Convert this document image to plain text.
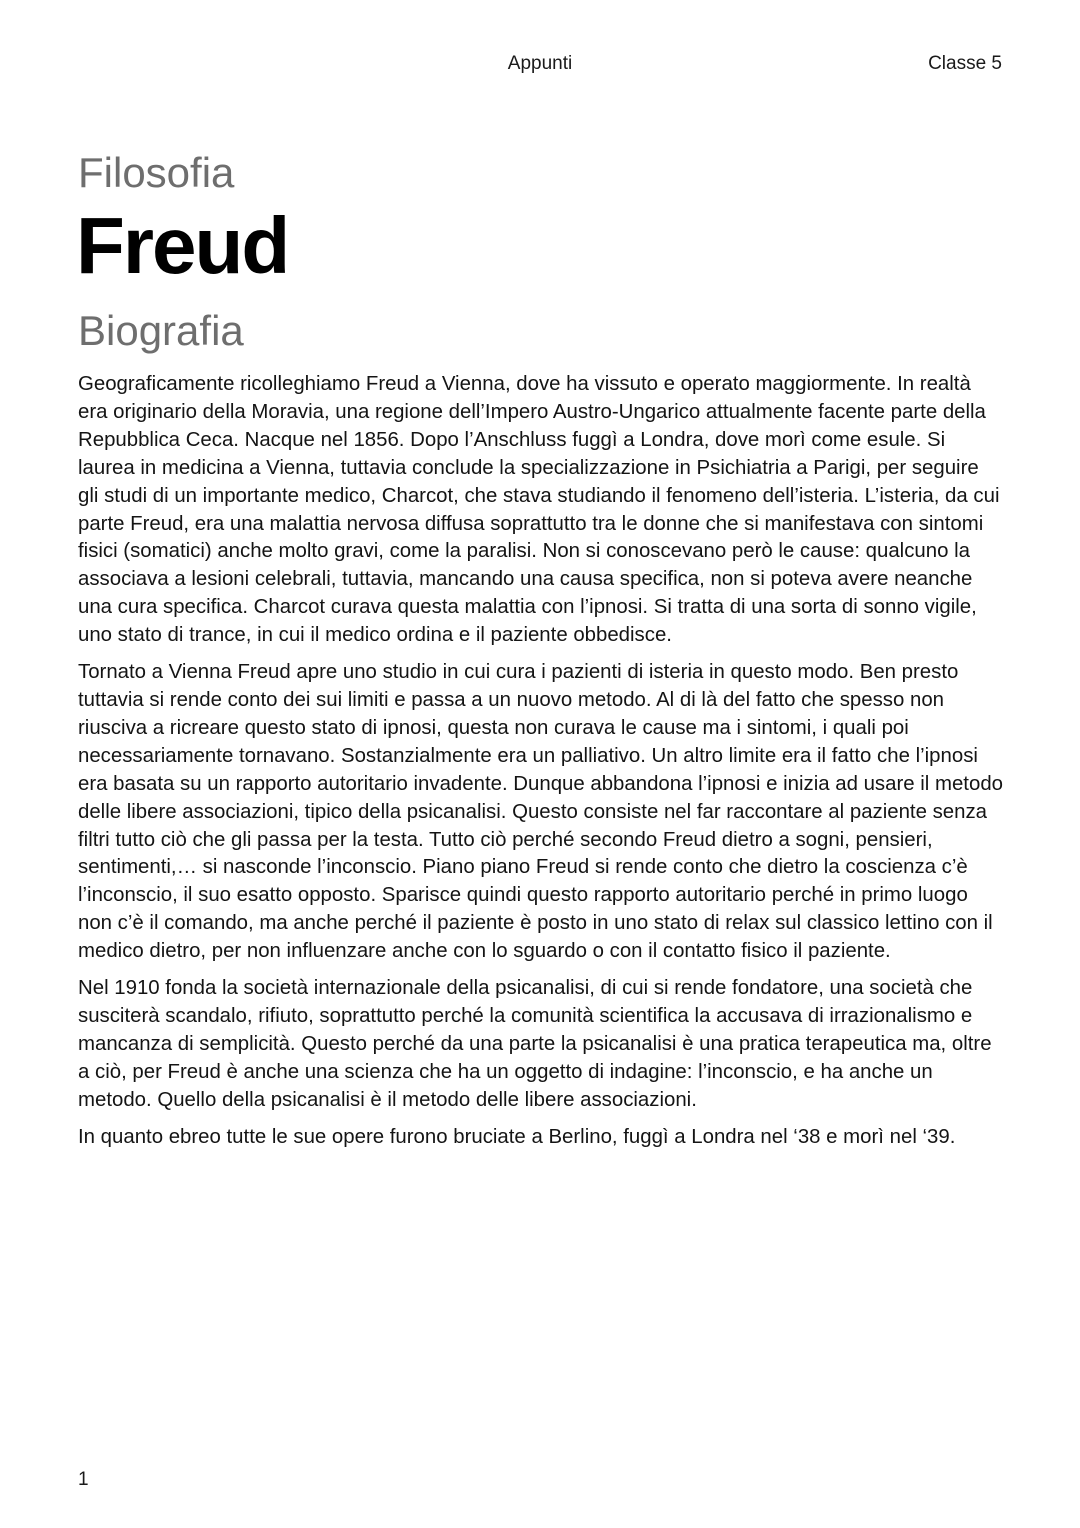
Appunti	Classe 5
Filosofia
Freud
Biografia

Geograficamente ricolleghiamo Freud a Vienna, dove ha vissuto e operato maggiormente. In realtà era originario della Moravia, una regione dell’Impero Austro-Ungarico attualmente facente parte della Repubblica Ceca. Nacque nel 1856. Dopo l’Anschluss fuggì a Londra, dove morì come esule. Si laurea in medicina a Vienna, tuttavia conclude la specializzazione in Psichiatria a Parigi, per seguire gli studi di un importante medico, Charcot, che stava studiando il fenomeno dell’isteria. L’isteria, da cui parte Freud, era una malattia nervosa diffusa soprattutto tra le donne che si manifestava con sintomi fisici (somatici) anche molto gravi, come la paralisi. Non si conoscevano però le cause: qualcuno la associava a lesioni celebrali, tuttavia, mancando una causa specifica, non si poteva avere neanche una cura specifica. Charcot curava questa malattia con l’ipnosi. Si tratta di una sorta di sonno vigile, uno stato di trance, in cui il medico ordina e il paziente obbedisce.

Tornato a Vienna Freud apre uno studio in cui cura i pazienti di isteria in questo modo. Ben presto tuttavia si rende conto dei sui limiti e passa a un nuovo metodo. Al di là del fatto che spesso non riusciva a ricreare questo stato di ipnosi, questa non curava le cause ma i sintomi, i quali poi necessariamente tornavano. Sostanzialmente era un palliativo. Un altro limite era il fatto che l’ipnosi era basata su un rapporto autoritario invadente. Dunque abbandona l’ipnosi e inizia ad usare il metodo delle libere associazioni, tipico della psicanalisi. Questo consiste nel far raccontare al paziente senza filtri tutto ciò che gli passa per la testa. Tutto ciò perché secondo Freud dietro a sogni, pensieri, sentimenti,… si nasconde l’inconscio. Piano piano Freud si rende conto che dietro la coscienza c’è l’inconscio, il suo esatto opposto. Sparisce quindi questo rapporto autoritario perché in primo luogo non c’è il comando, ma anche perché il paziente è posto in uno stato di relax sul classico lettino con il medico dietro, per non influenzare anche con lo sguardo o con il contatto fisico il paziente.

Nel 1910 fonda la società internazionale della psicanalisi, di cui si rende fondatore, una società che susciterà scandalo, rifiuto, soprattutto perché la comunità scientifica la accusava di irrazionalismo e mancanza di semplicità. Questo perché da una parte la psicanalisi è una pratica terapeutica ma, oltre a ciò, per Freud è anche una scienza che ha un oggetto di indagine: l’inconscio, e ha anche un metodo. Quello della psicanalisi è il metodo delle libere associazioni.

In quanto ebreo tutte le sue opere furono bruciate a Berlino, fuggì a Londra nel ‘38 e morì nel ‘39.

1
